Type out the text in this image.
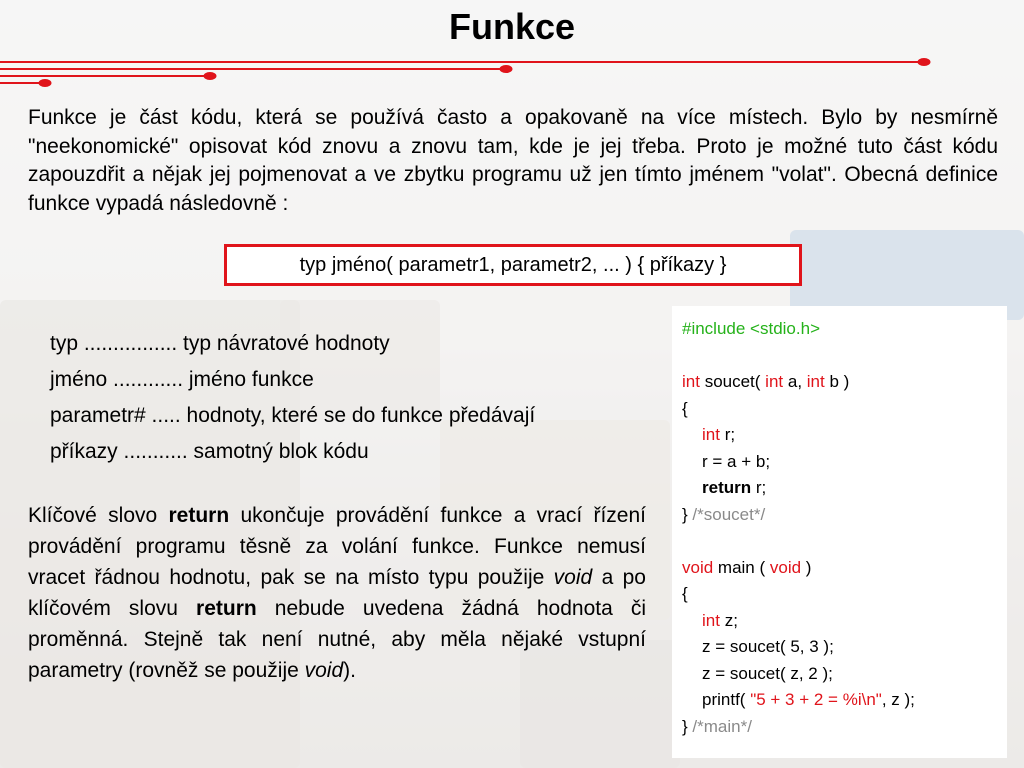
Funkce
Funkce je část kódu, která se používá často a opakovaně na více místech. Bylo by nesmírně "neekonomické" opisovat kód znovu a znovu tam, kde je jej třeba. Proto je možné tuto část kódu zapouzdřit a nějak jej pojmenovat a ve zbytku programu už jen tímto jménem "volat". Obecná definice funkce vypadá následovně :
typ jméno( parametr1, parametr2, ... ) { příkazy }
typ ................ typ návratové hodnoty
jméno ............ jméno funkce
parametr# ..... hodnoty, které se do funkce předávají
příkazy ........... samotný blok kódu
Klíčové slovo return ukončuje provádění funkce a vrací řízení provádění programu těsně za volání funkce. Funkce nemusí vracet řádnou hodnotu, pak se na místo typu použije void a po klíčovém slovu return nebude uvedena žádná hodnota či proměnná. Stejně tak není nutné, aby měla nějaké vstupní parametry (rovněž se použije void).
#include <stdio.h>
int soucet( int a, int b )
{
int r;
r = a + b;
return r;
} /*soucet*/
void main ( void )
{
int z;
z = soucet( 5, 3 );
z = soucet( z, 2 );
printf( "5 + 3 + 2 = %i\n", z );
} /*main*/
